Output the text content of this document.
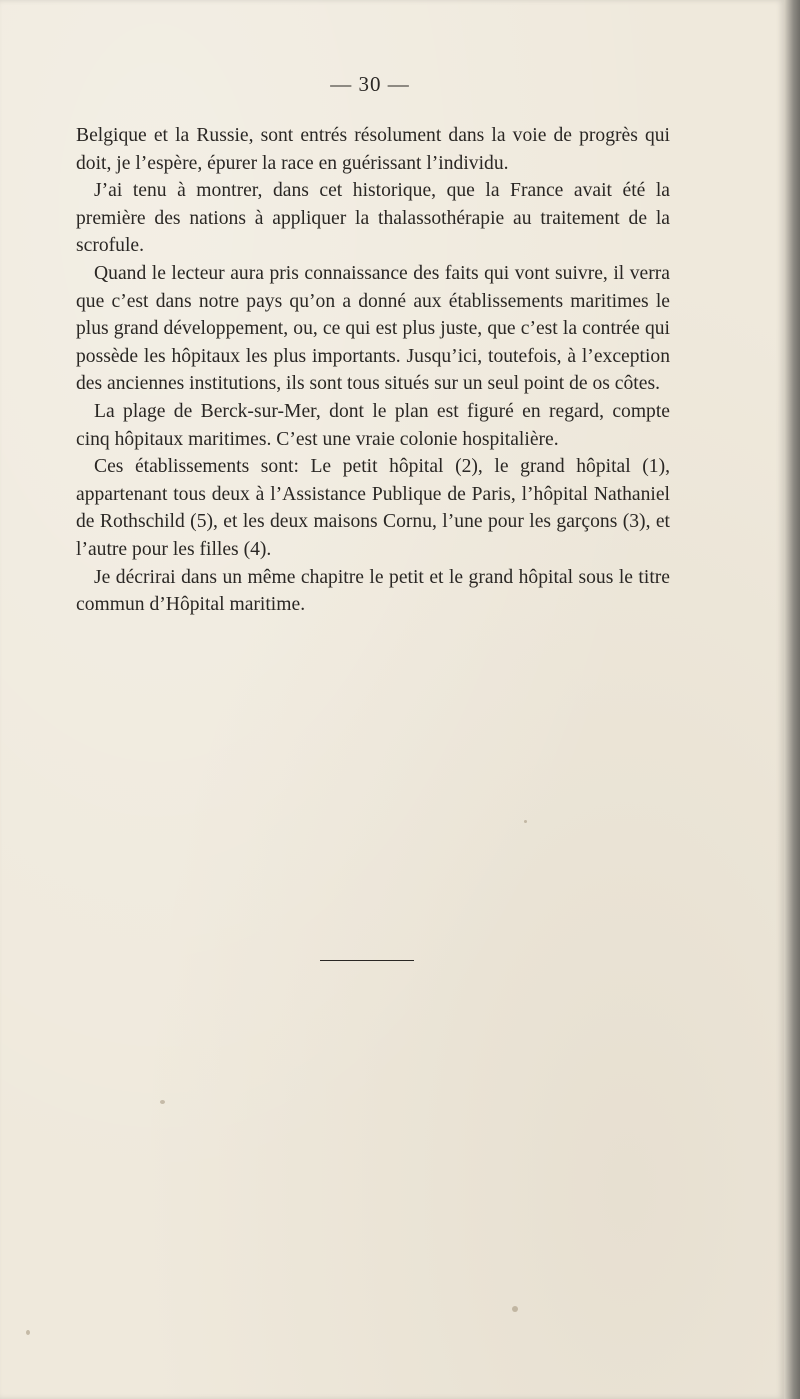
— 30 —

Belgique et la Russie, sont entrés résolument dans la voie de progrès qui doit, je l’espère, épurer la race en guérissant l’individu.

J’ai tenu à montrer, dans cet historique, que la France avait été la première des nations à appliquer la thalassothérapie au traitement de la scrofule.

Quand le lecteur aura pris connaissance des faits qui vont suivre, il verra que c’est dans notre pays qu’on a donné aux établissements maritimes le plus grand développement, ou, ce qui est plus juste, que c’est la contrée qui possède les hôpitaux les plus importants. Jusqu’ici, toutefois, à l’exception des anciennes institutions, ils sont tous situés sur un seul point de os côtes.

La plage de Berck-sur-Mer, dont le plan est figuré en regard, compte cinq hôpitaux maritimes. C’est une vraie colonie hospitalière.

Ces établissements sont: Le petit hôpital (2), le grand hôpital (1), appartenant tous deux à l’Assistance Publique de Paris, l’hôpital Nathaniel de Rothschild (5), et les deux maisons Cornu, l’une pour les garçons (3), et l’autre pour les filles (4).

Je décrirai dans un même chapitre le petit et le grand hôpital sous le titre commun d’Hôpital maritime.
